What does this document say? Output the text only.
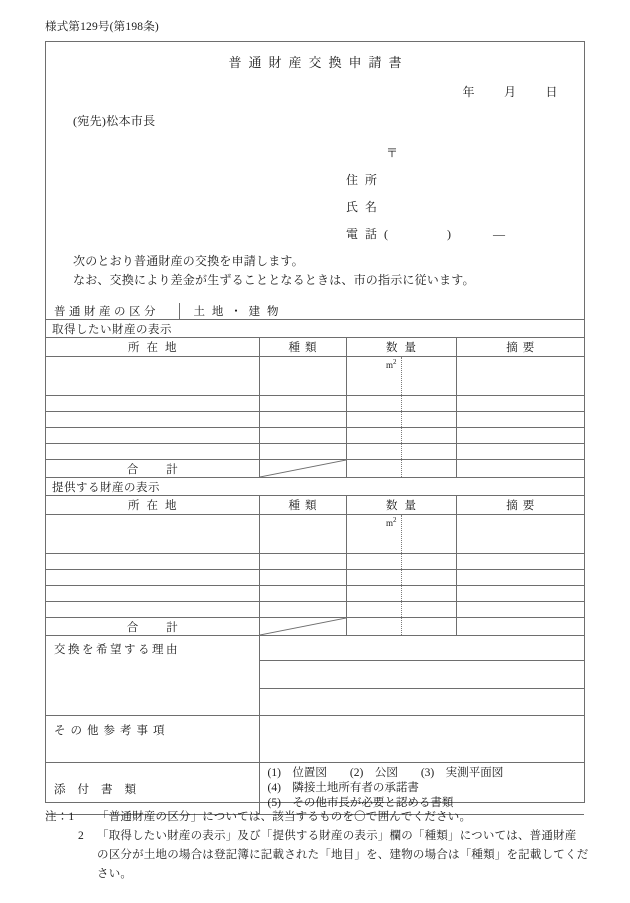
様式第129号(第198条)
普通財産交換申請書
年 月 日
(宛先)松本市長
〒
住所
氏名
電話(	)	—
次のとおり普通財産の交換を申請します。
なお、交換により差金が生ずることとなるときは、市の指示に従います。
普通財産の区分	土 地 ・ 建 物			

取得したい財産の表示				

所在地		種類	数量	摘要

			$m^2$

合計

提供する財産の表示				

所在地		種類	数量	摘要

			$m^2$

合計

交換を希望する理由				

その他参考事項				

添付書類		(1)　位置図　　(2)　公図　　(3)　実測平面図
(4)　隣接土地所有者の承諾書
(5)　その他市長が必要と認める書類		
注：1	「普通財産の区分」については、該当するものを〇で囲んでください。
2	「取得したい財産の表示」及び「提供する財産の表示」欄の「種類」については、普通財産
の区分が土地の場合は登記簿に記載された「地目」を、建物の場合は「種類」を記載してくだ
さい。
